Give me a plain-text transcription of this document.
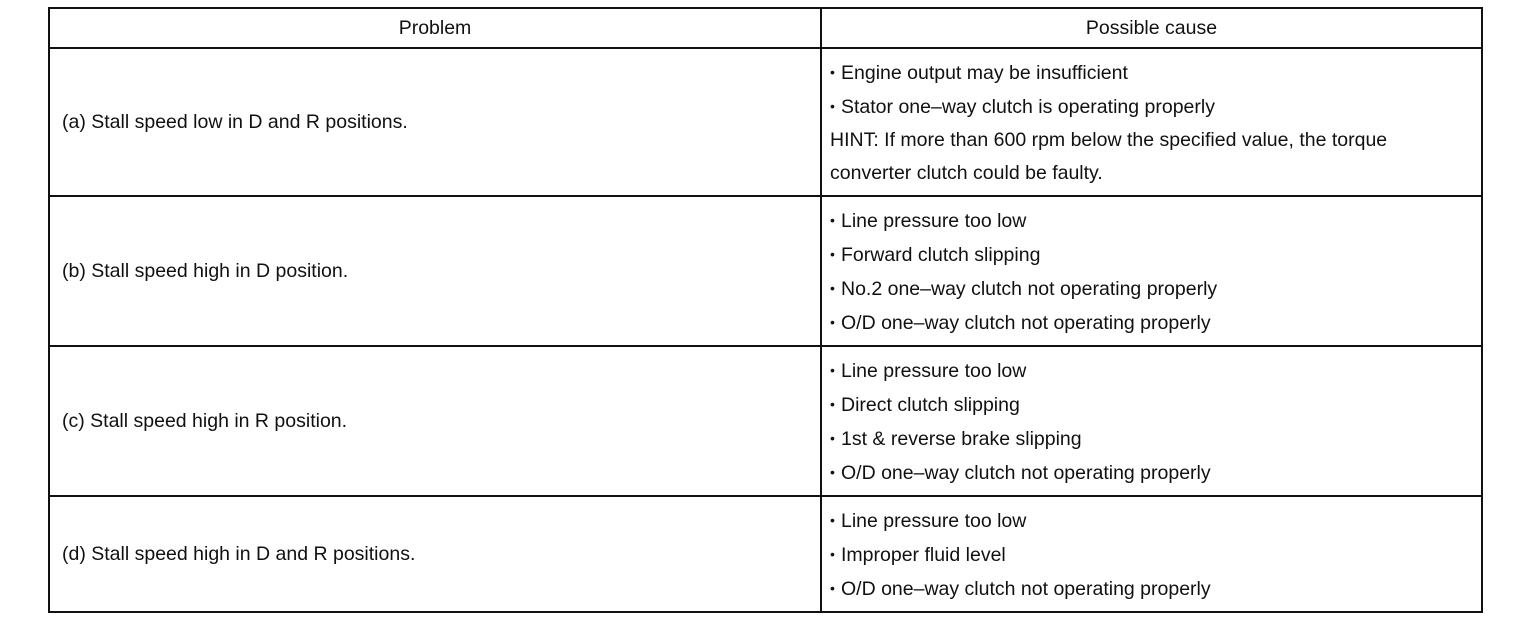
Problem	Possible cause
(a) Stall speed low in D and R positions.	• Engine output may be insufficient
• Stator one–way clutch is operating properly
HINT: If more than 600 rpm below the specified value, the torque converter clutch could be faulty.

(b) Stall speed high in D position.	• Line pressure too low
• Forward clutch slipping
• No.2 one–way clutch not operating properly
• O/D one–way clutch not operating properly

(c) Stall speed high in R position.	• Line pressure too low
• Direct clutch slipping
• 1st & reverse brake slipping
• O/D one–way clutch not operating properly

(d) Stall speed high in D and R positions.	• Line pressure too low
• Improper fluid level
• O/D one–way clutch not operating properly
